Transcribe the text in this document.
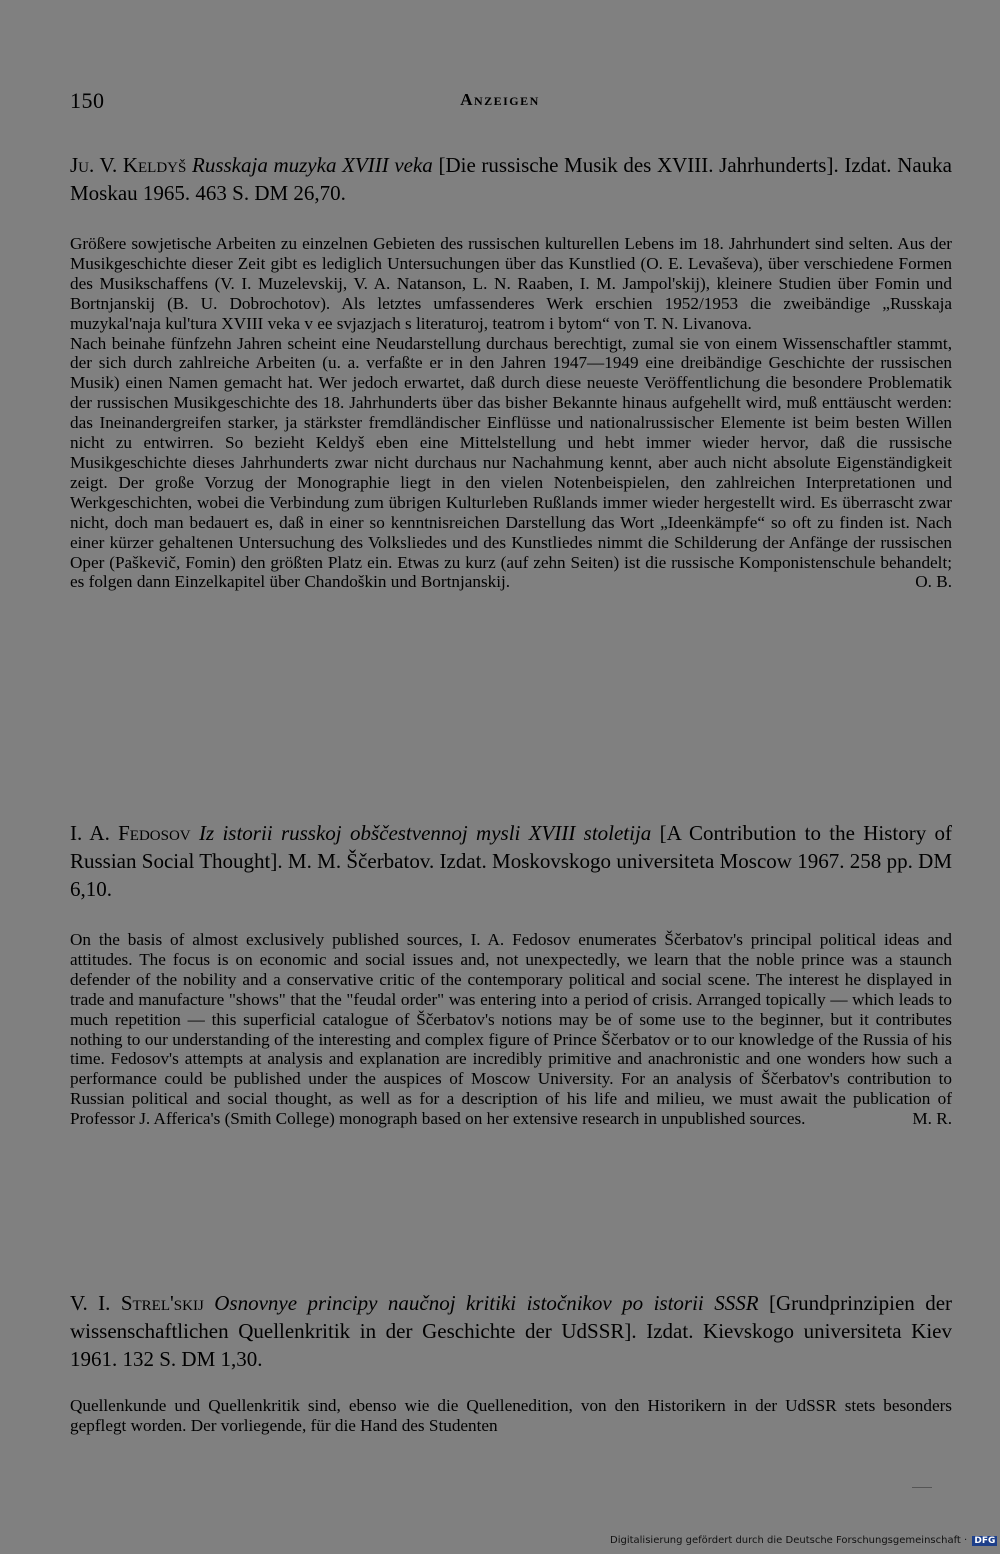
150	Anzeigen
Ju. V. Keldyš Russkaja muzyka XVIII veka [Die russische Musik des XVIII. Jahrhunderts]. Izdat. Nauka Moskau 1965. 463 S. DM 26,70.

Größere sowjetische Arbeiten zu einzelnen Gebieten des russischen kulturellen Lebens im 18. Jahrhundert sind selten. Aus der Musikgeschichte dieser Zeit gibt es lediglich Untersuchungen über das Kunstlied (O. E. Levaševa), über verschiedene Formen des Musikschaffens (V. I. Muzelevskij, V. A. Natanson, L. N. Raaben, I. M. Jampol'skij), kleinere Studien über Fomin und Bortnjanskij (B. U. Dobrochotov). Als letztes umfassenderes Werk erschien 1952/1953 die zweibändige „Russkaja muzykal'naja kul'tura XVIII veka v ee svjazjach s literaturoj, teatrom i bytom“ von T. N. Livanova.

Nach beinahe fünfzehn Jahren scheint eine Neudarstellung durchaus berechtigt, zumal sie von einem Wissenschaftler stammt, der sich durch zahlreiche Arbeiten (u. a. verfaßte er in den Jahren 1947—1949 eine dreibändige Geschichte der russischen Musik) einen Namen gemacht hat. Wer jedoch erwartet, daß durch diese neueste Veröffentlichung die besondere Problematik der russischen Musikgeschichte des 18. Jahrhunderts über das bisher Bekannte hinaus aufgehellt wird, muß enttäuscht werden: das Ineinandergreifen starker, ja stärkster fremdländischer Einflüsse und nationalrussischer Elemente ist beim besten Willen nicht zu entwirren. So bezieht Keldyš eben eine Mittelstellung und hebt immer wieder hervor, daß die russische Musikgeschichte dieses Jahrhunderts zwar nicht durchaus nur Nachahmung kennt, aber auch nicht absolute Eigenständigkeit zeigt. Der große Vorzug der Monographie liegt in den vielen Notenbeispielen, den zahlreichen Interpretationen und Werkgeschichten, wobei die Verbindung zum übrigen Kulturleben Rußlands immer wieder hergestellt wird. Es überrascht zwar nicht, doch man bedauert es, daß in einer so kenntnisreichen Darstellung das Wort „Ideenkämpfe“ so oft zu finden ist. Nach einer kürzer gehaltenen Untersuchung des Volksliedes und des Kunstliedes nimmt die Schilderung der Anfänge der russischen Oper (Paškevič, Fomin) den größten Platz ein. Etwas zu kurz (auf zehn Seiten) ist die russische Komponistenschule behandelt; es folgen dann Einzelkapitel über Chandoškin und Bortnjanskij.	O. B.

I. A. Fedosov Iz istorii russkoj obščestvennoj mysli XVIII stoletija [A Contribution to the History of Russian Social Thought]. M. M. Ščerbatov. Izdat. Moskovskogo universiteta Moscow 1967. 258 pp. DM 6,10.

On the basis of almost exclusively published sources, I. A. Fedosov enumerates Ščerbatov's principal political ideas and attitudes. The focus is on economic and social issues and, not unexpectedly, we learn that the noble prince was a staunch defender of the nobility and a conservative critic of the contemporary political and social scene. The interest he displayed in trade and manufacture "shows" that the "feudal order" was entering into a period of crisis. Arranged topically — which leads to much repetition — this superficial catalogue of Ščerbatov's notions may be of some use to the beginner, but it contributes nothing to our understanding of the interesting and complex figure of Prince Ščerbatov or to our knowledge of the Russia of his time. Fedosov's attempts at analysis and explanation are incredibly primitive and anachronistic and one wonders how such a performance could be published under the auspices of Moscow University. For an analysis of Ščerbatov's contribution to Russian political and social thought, as well as for a description of his life and milieu, we must await the publication of Professor J. Afferica's (Smith College) monograph based on her extensive research in unpublished sources.	M. R.

V. I. Strel'skij Osnovnye principy naučnoj kritiki istočnikov po istorii SSSR [Grundprinzipien der wissenschaftlichen Quellenkritik in der Geschichte der UdSSR]. Izdat. Kievskogo universiteta Kiev 1961. 132 S. DM 1,30.

Quellenkunde und Quellenkritik sind, ebenso wie die Quellenedition, von den Historikern in der UdSSR stets besonders gepflegt worden. Der vorliegende, für die Hand des Studenten

Digitalisierung gefördert durch die Deutsche Forschungsgemeinschaft · DFG
